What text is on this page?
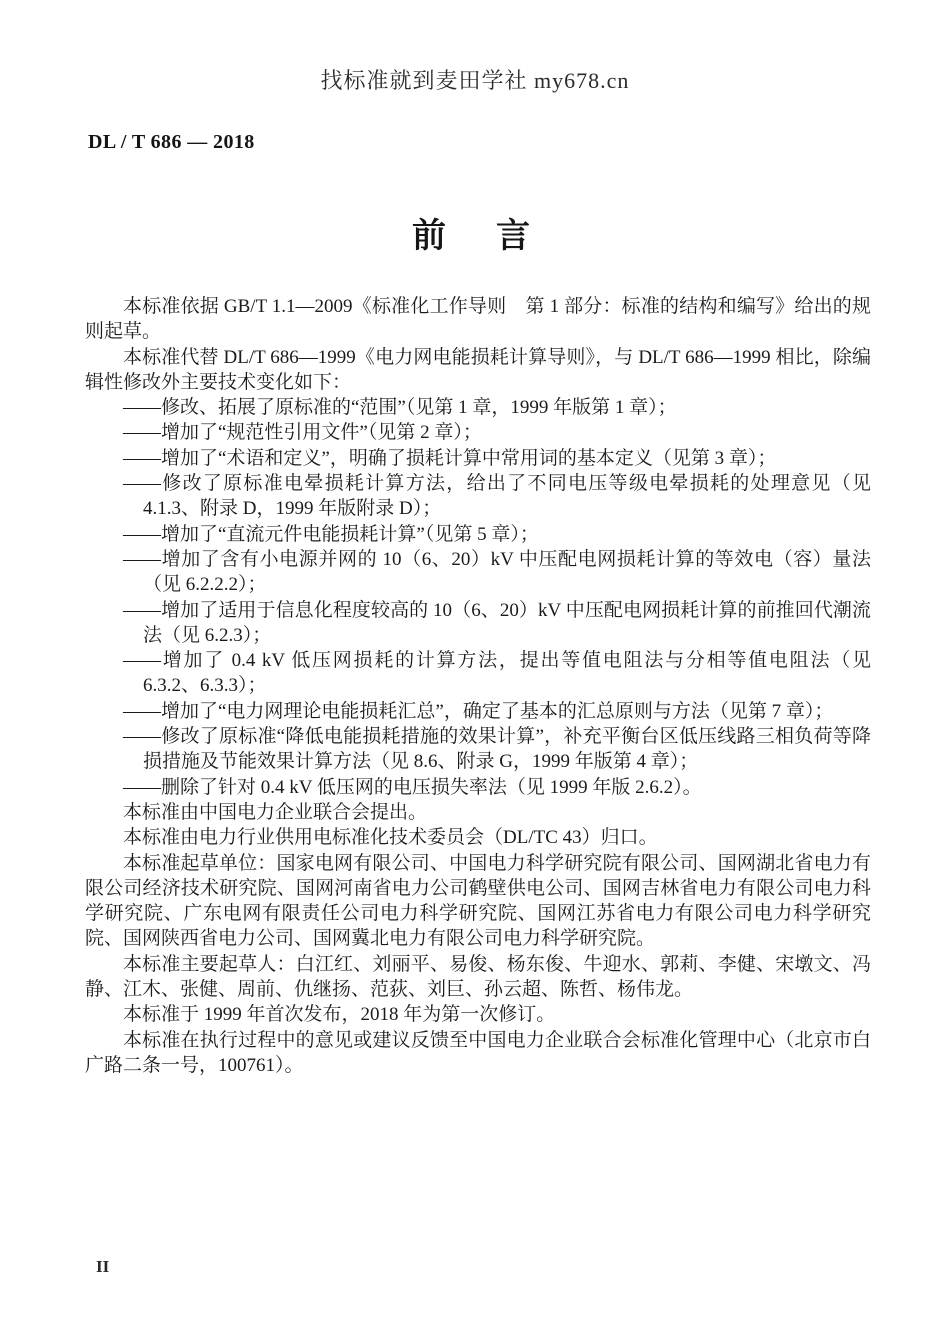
找标准就到麦田学社 my678.cn
DL / T 686 — 2018
前　言
本标准依据 GB/T 1.1—2009《标准化工作导则　第 1 部分：标准的结构和编写》给出的规则起草。
本标准代替 DL/T 686—1999《电力网电能损耗计算导则》，与 DL/T 686—1999 相比，除编辑性修改外主要技术变化如下：
——修改、拓展了原标准的“范围”（见第 1 章，1999 年版第 1 章）；
——增加了“规范性引用文件”（见第 2 章）；
——增加了“术语和定义”，明确了损耗计算中常用词的基本定义（见第 3 章）；
——修改了原标准电晕损耗计算方法，给出了不同电压等级电晕损耗的处理意见（见 4.1.3、附录 D，1999 年版附录 D）；
——增加了“直流元件电能损耗计算”（见第 5 章）；
——增加了含有小电源并网的 10（6、20）kV 中压配电网损耗计算的等效电（容）量法（见 6.2.2.2）；
——增加了适用于信息化程度较高的 10（6、20）kV 中压配电网损耗计算的前推回代潮流法（见 6.2.3）；
——增加了 0.4 kV 低压网损耗的计算方法，提出等值电阻法与分相等值电阻法（见 6.3.2、6.3.3）；
——增加了“电力网理论电能损耗汇总”，确定了基本的汇总原则与方法（见第 7 章）；
——修改了原标准“降低电能损耗措施的效果计算”，补充平衡台区低压线路三相负荷等降损措施及节能效果计算方法（见 8.6、附录 G，1999 年版第 4 章）；
——删除了针对 0.4 kV 低压网的电压损失率法（见 1999 年版 2.6.2）。
本标准由中国电力企业联合会提出。
本标准由电力行业供用电标准化技术委员会（DL/TC 43）归口。
本标准起草单位：国家电网有限公司、中国电力科学研究院有限公司、国网湖北省电力有限公司经济技术研究院、国网河南省电力公司鹤壁供电公司、国网吉林省电力有限公司电力科学研究院、广东电网有限责任公司电力科学研究院、国网江苏省电力有限公司电力科学研究院、国网陕西省电力公司、国网冀北电力有限公司电力科学研究院。
本标准主要起草人：白江红、刘丽平、易俊、杨东俊、牛迎水、郭莉、李健、宋墩文、冯静、江木、张健、周前、仇继扬、范荻、刘巨、孙云超、陈哲、杨伟龙。
本标准于 1999 年首次发布，2018 年为第一次修订。
本标准在执行过程中的意见或建议反馈至中国电力企业联合会标准化管理中心（北京市白广路二条一号，100761）。
II
